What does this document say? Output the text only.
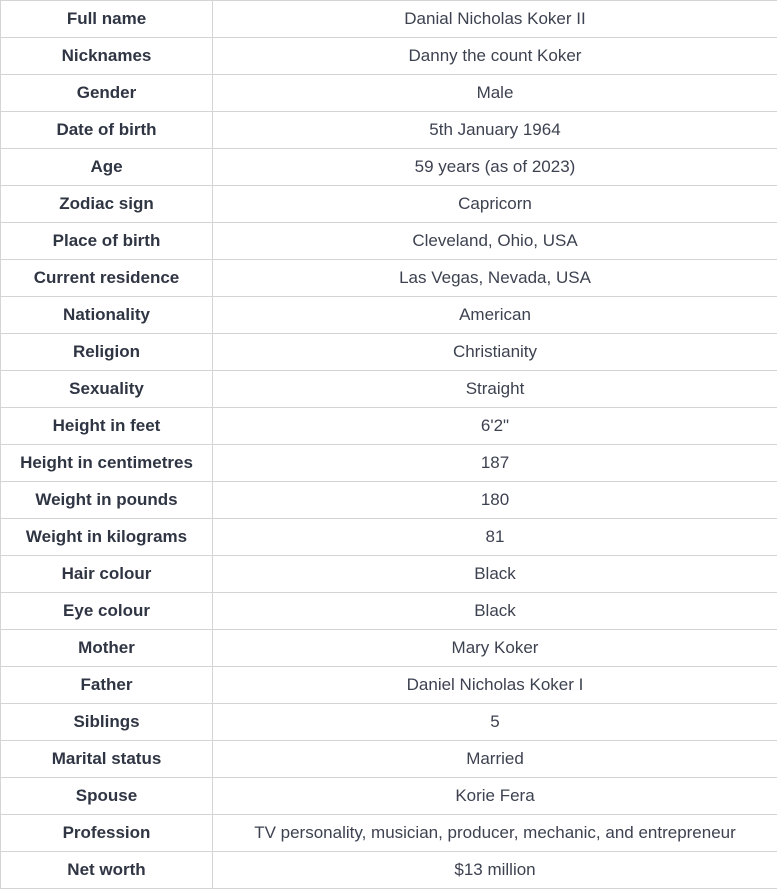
Full name	Danial Nicholas Koker II
Nicknames	Danny the count Koker
Gender	Male
Date of birth	5th January 1964
Age	59 years (as of 2023)
Zodiac sign	Capricorn
Place of birth	Cleveland, Ohio, USA
Current residence	Las Vegas, Nevada, USA
Nationality	American
Religion	Christianity
Sexuality	Straight
Height in feet	6'2"
Height in centimetres	187
Weight in pounds	180
Weight in kilograms	81
Hair colour	Black
Eye colour	Black
Mother	Mary Koker
Father	Daniel Nicholas Koker I
Siblings	5
Marital status	Married
Spouse	Korie Fera
Profession	TV personality, musician, producer, mechanic, and entrepreneur
Net worth	$13 million
